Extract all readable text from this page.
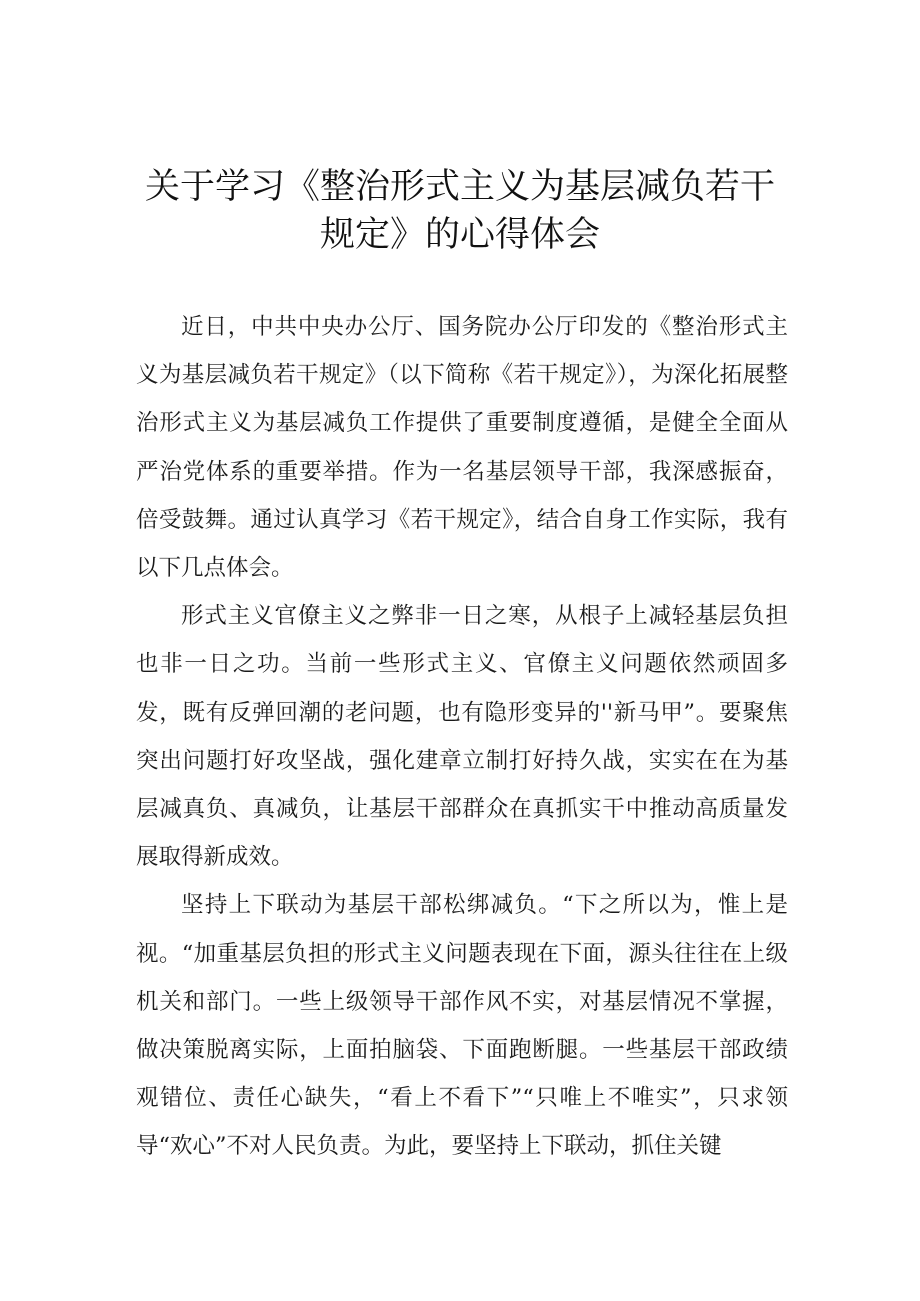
关于学习《整治形式主义为基层减负若干
规定》的心得体会

近日，中共中央办公厅、国务院办公厅印发的《整治形式主义为基层减负若干规定》（以下简称《若干规定》），为深化拓展整治形式主义为基层减负工作提供了重要制度遵循，是健全全面从严治党体系的重要举措。作为一名基层领导干部，我深感振奋，倍受鼓舞。通过认真学习《若干规定》，结合自身工作实际，我有以下几点体会。

形式主义官僚主义之弊非一日之寒，从根子上减轻基层负担也非一日之功。当前一些形式主义、官僚主义问题依然顽固多发，既有反弹回潮的老问题，也有隐形变异的''新马甲”。要聚焦突出问题打好攻坚战，强化建章立制打好持久战，实实在在为基层减真负、真减负，让基层干部群众在真抓实干中推动高质量发展取得新成效。

坚持上下联动为基层干部松绑减负。“下之所以为，惟上是视。“加重基层负担的形式主义问题表现在下面，源头往往在上级机关和部门。一些上级领导干部作风不实，对基层情况不掌握，做决策脱离实际，上面拍脑袋、下面跑断腿。一些基层干部政绩观错位、责任心缺失，“看上不看下”“只唯上不唯实”，只求领导“欢心”不对人民负责。为此，要坚持上下联动，抓住关键
